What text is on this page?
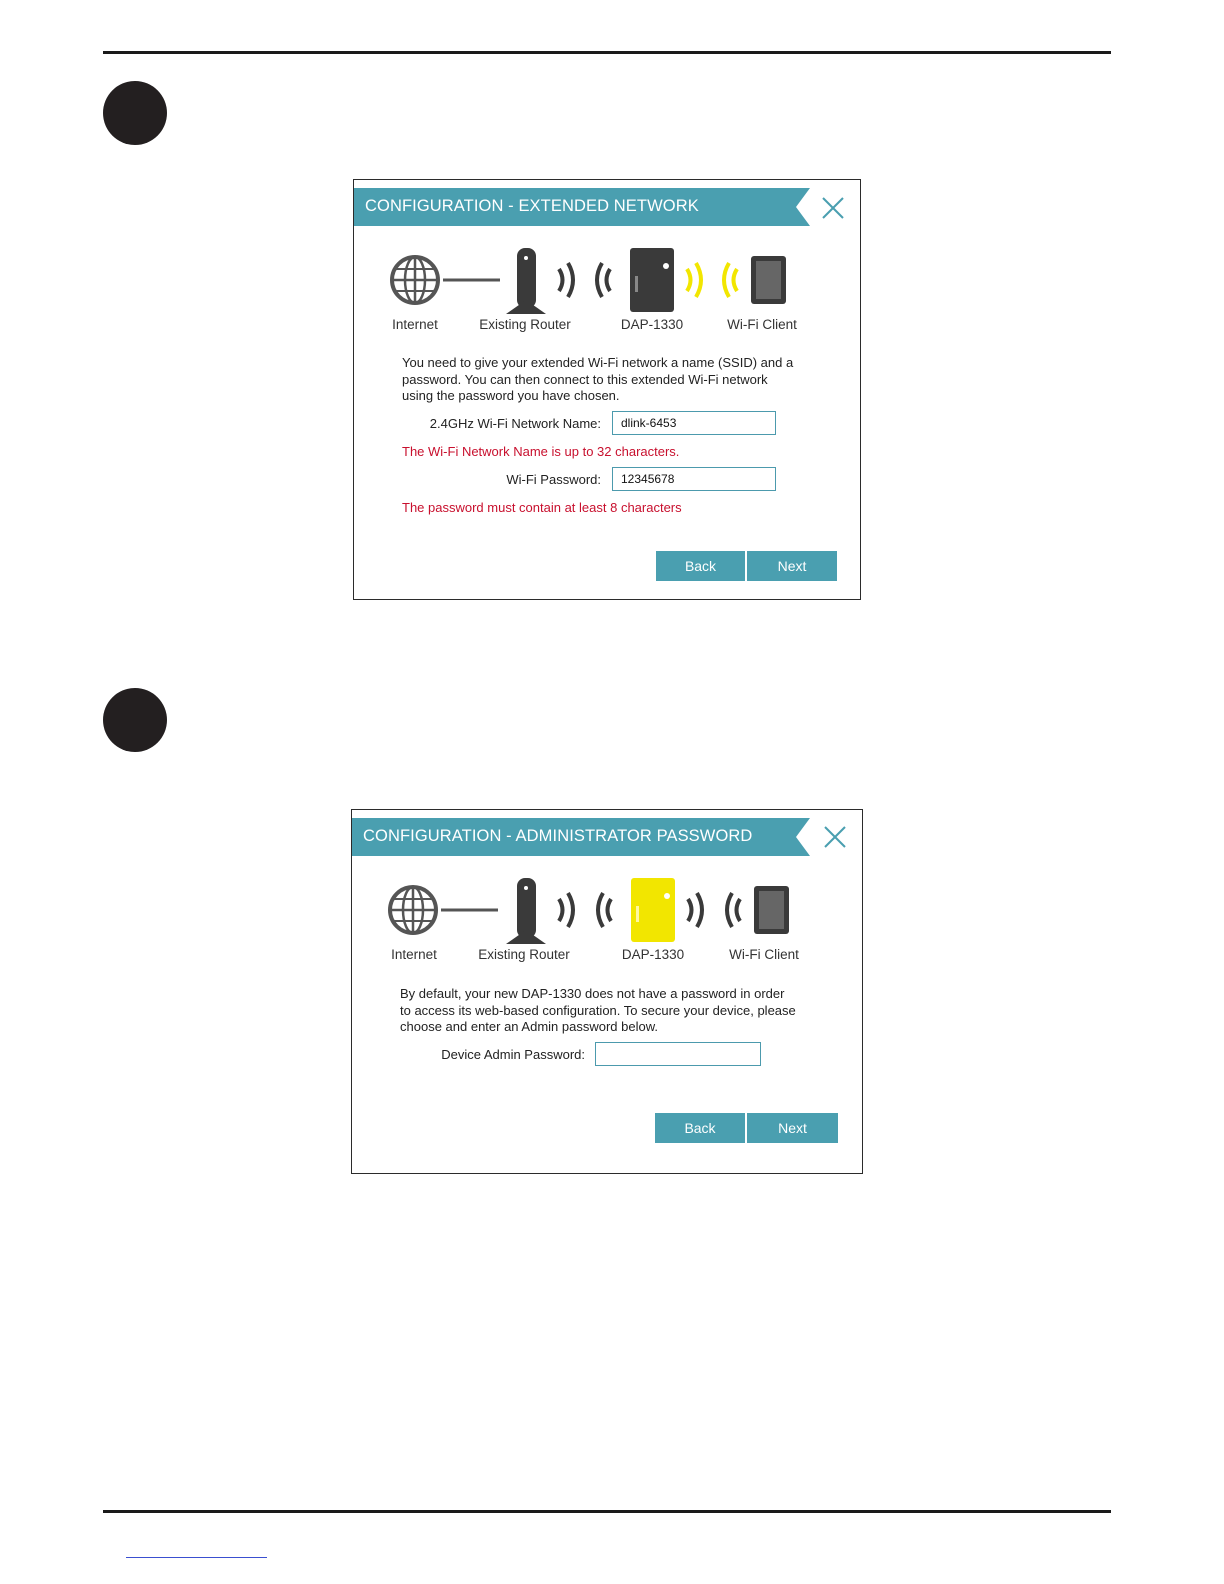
CONFIGURATION - EXTENDED NETWORK
Internet	Existing Router	DAP-1330	Wi-Fi Client
You need to give your extended Wi-Fi network a name (SSID) and a
password. You can then connect to this extended Wi-Fi network
using the password you have chosen.
2.4GHz Wi-Fi Network Name:
dlink-6453
The Wi-Fi Network Name is up to 32 characters.
Wi-Fi Password:
12345678
The password must contain at least 8 characters
Back	Next
CONFIGURATION - ADMINISTRATOR PASSWORD
Internet	Existing Router	DAP-1330	Wi-Fi Client
By default, your new DAP-1330 does not have a password in order
to access its web-based configuration. To secure your device, please
choose and enter an Admin password below.
Device Admin Password:
Back	Next
